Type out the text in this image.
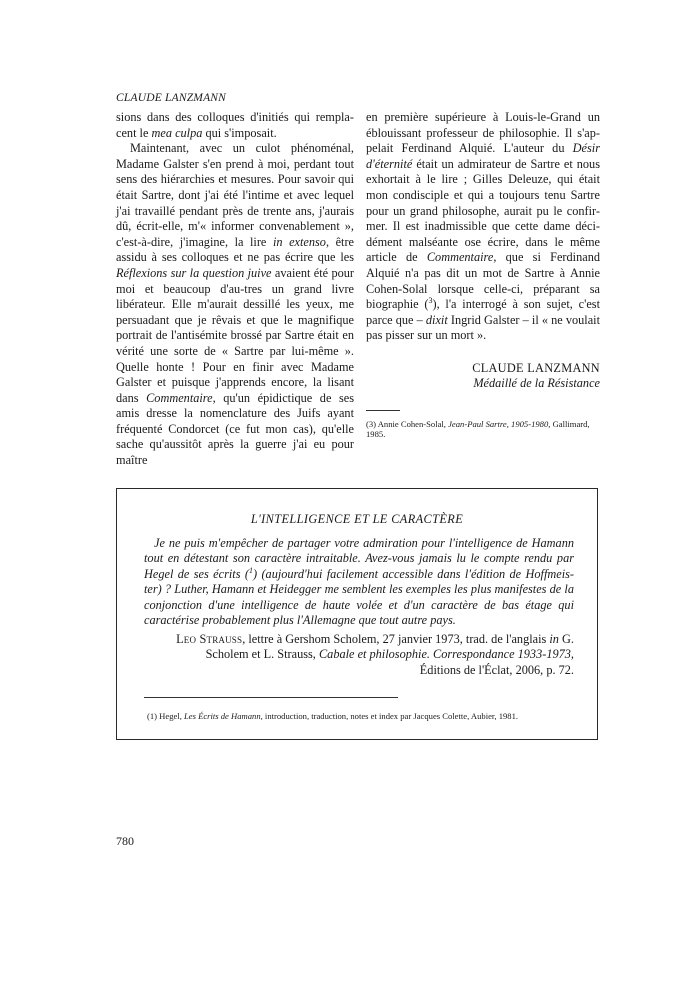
CLAUDE LANZMANN

sions dans des colloques d'initiés qui rempla-cent le mea culpa qui s'imposait.

Maintenant, avec un culot phénoménal, Madame Galster s'en prend à moi, perdant tout sens des hiérarchies et mesures. Pour savoir qui était Sartre, dont j'ai été l'intime et avec lequel j'ai travaillé pendant près de trente ans, j'aurais dû, écrit-elle, m'« informer convenablement », c'est-à-dire, j'imagine, la lire in extenso, être assidu à ses colloques et ne pas écrire que les Réflexions sur la question juive avaient été pour moi et beaucoup d'au-tres un grand livre libérateur. Elle m'aurait dessillé les yeux, me persuadant que je rêvais et que le magnifique portrait de l'antisémite brossé par Sartre était en vérité une sorte de « Sartre par lui-même ». Quelle honte ! Pour en finir avec Madame Galster et puisque j'apprends encore, la lisant dans Commentaire, qu'un épidictique de ses amis dresse la nomenclature des Juifs ayant fréquenté Condorcet (ce fut mon cas), qu'elle sache qu'aussitôt après la guerre j'ai eu pour maître

en première supérieure à Louis-le-Grand un éblouissant professeur de philosophie. Il s'ap-pelait Ferdinand Alquié. L'auteur du Désir d'éternité était un admirateur de Sartre et nous exhortait à le lire ; Gilles Deleuze, qui était mon condisciple et qui a toujours tenu Sartre pour un grand philosophe, aurait pu le confir-mer. Il est inadmissible que cette dame déci-dément malséante ose écrire, dans le même article de Commentaire, que si Ferdinand Alquié n'a pas dit un mot de Sartre à Annie Cohen-Solal lorsque celle-ci, préparant sa biographie ($^3$), l'a interrogé à son sujet, c'est parce que – dixit Ingrid Galster – il « ne voulait pas pisser sur un mort ».

CLAUDE LANZMANN
Médaillé de la Résistance
(3) Annie Cohen-Solal, Jean-Paul Sartre, 1905-1980, Gallimard, 1985.
L'INTELLIGENCE ET LE CARACTÈRE

Je ne puis m'empêcher de partager votre admiration pour l'intelligence de Hamann tout en détestant son caractère intraitable. Avez-vous jamais lu le compte rendu par Hegel de ses écrits ($^1$) (aujourd'hui facilement accessible dans l'édition de Hoffmeis-ter) ? Luther, Hamann et Heidegger me semblent les exemples les plus manifestes de la conjonction d'une intelligence de haute volée et d'un caractère de bas étage qui caractérise probablement plus l'Allemagne que tout autre pays.

Leo Strauss, lettre à Gershom Scholem, 27 janvier 1973, trad. de l'anglais in G. Scholem et L. Strauss, Cabale et philosophie. Correspondance 1933-1973,
Éditions de l'Éclat, 2006, p. 72.

(1) Hegel, Les Écrits de Hamann, introduction, traduction, notes et index par Jacques Colette, Aubier, 1981.

780
